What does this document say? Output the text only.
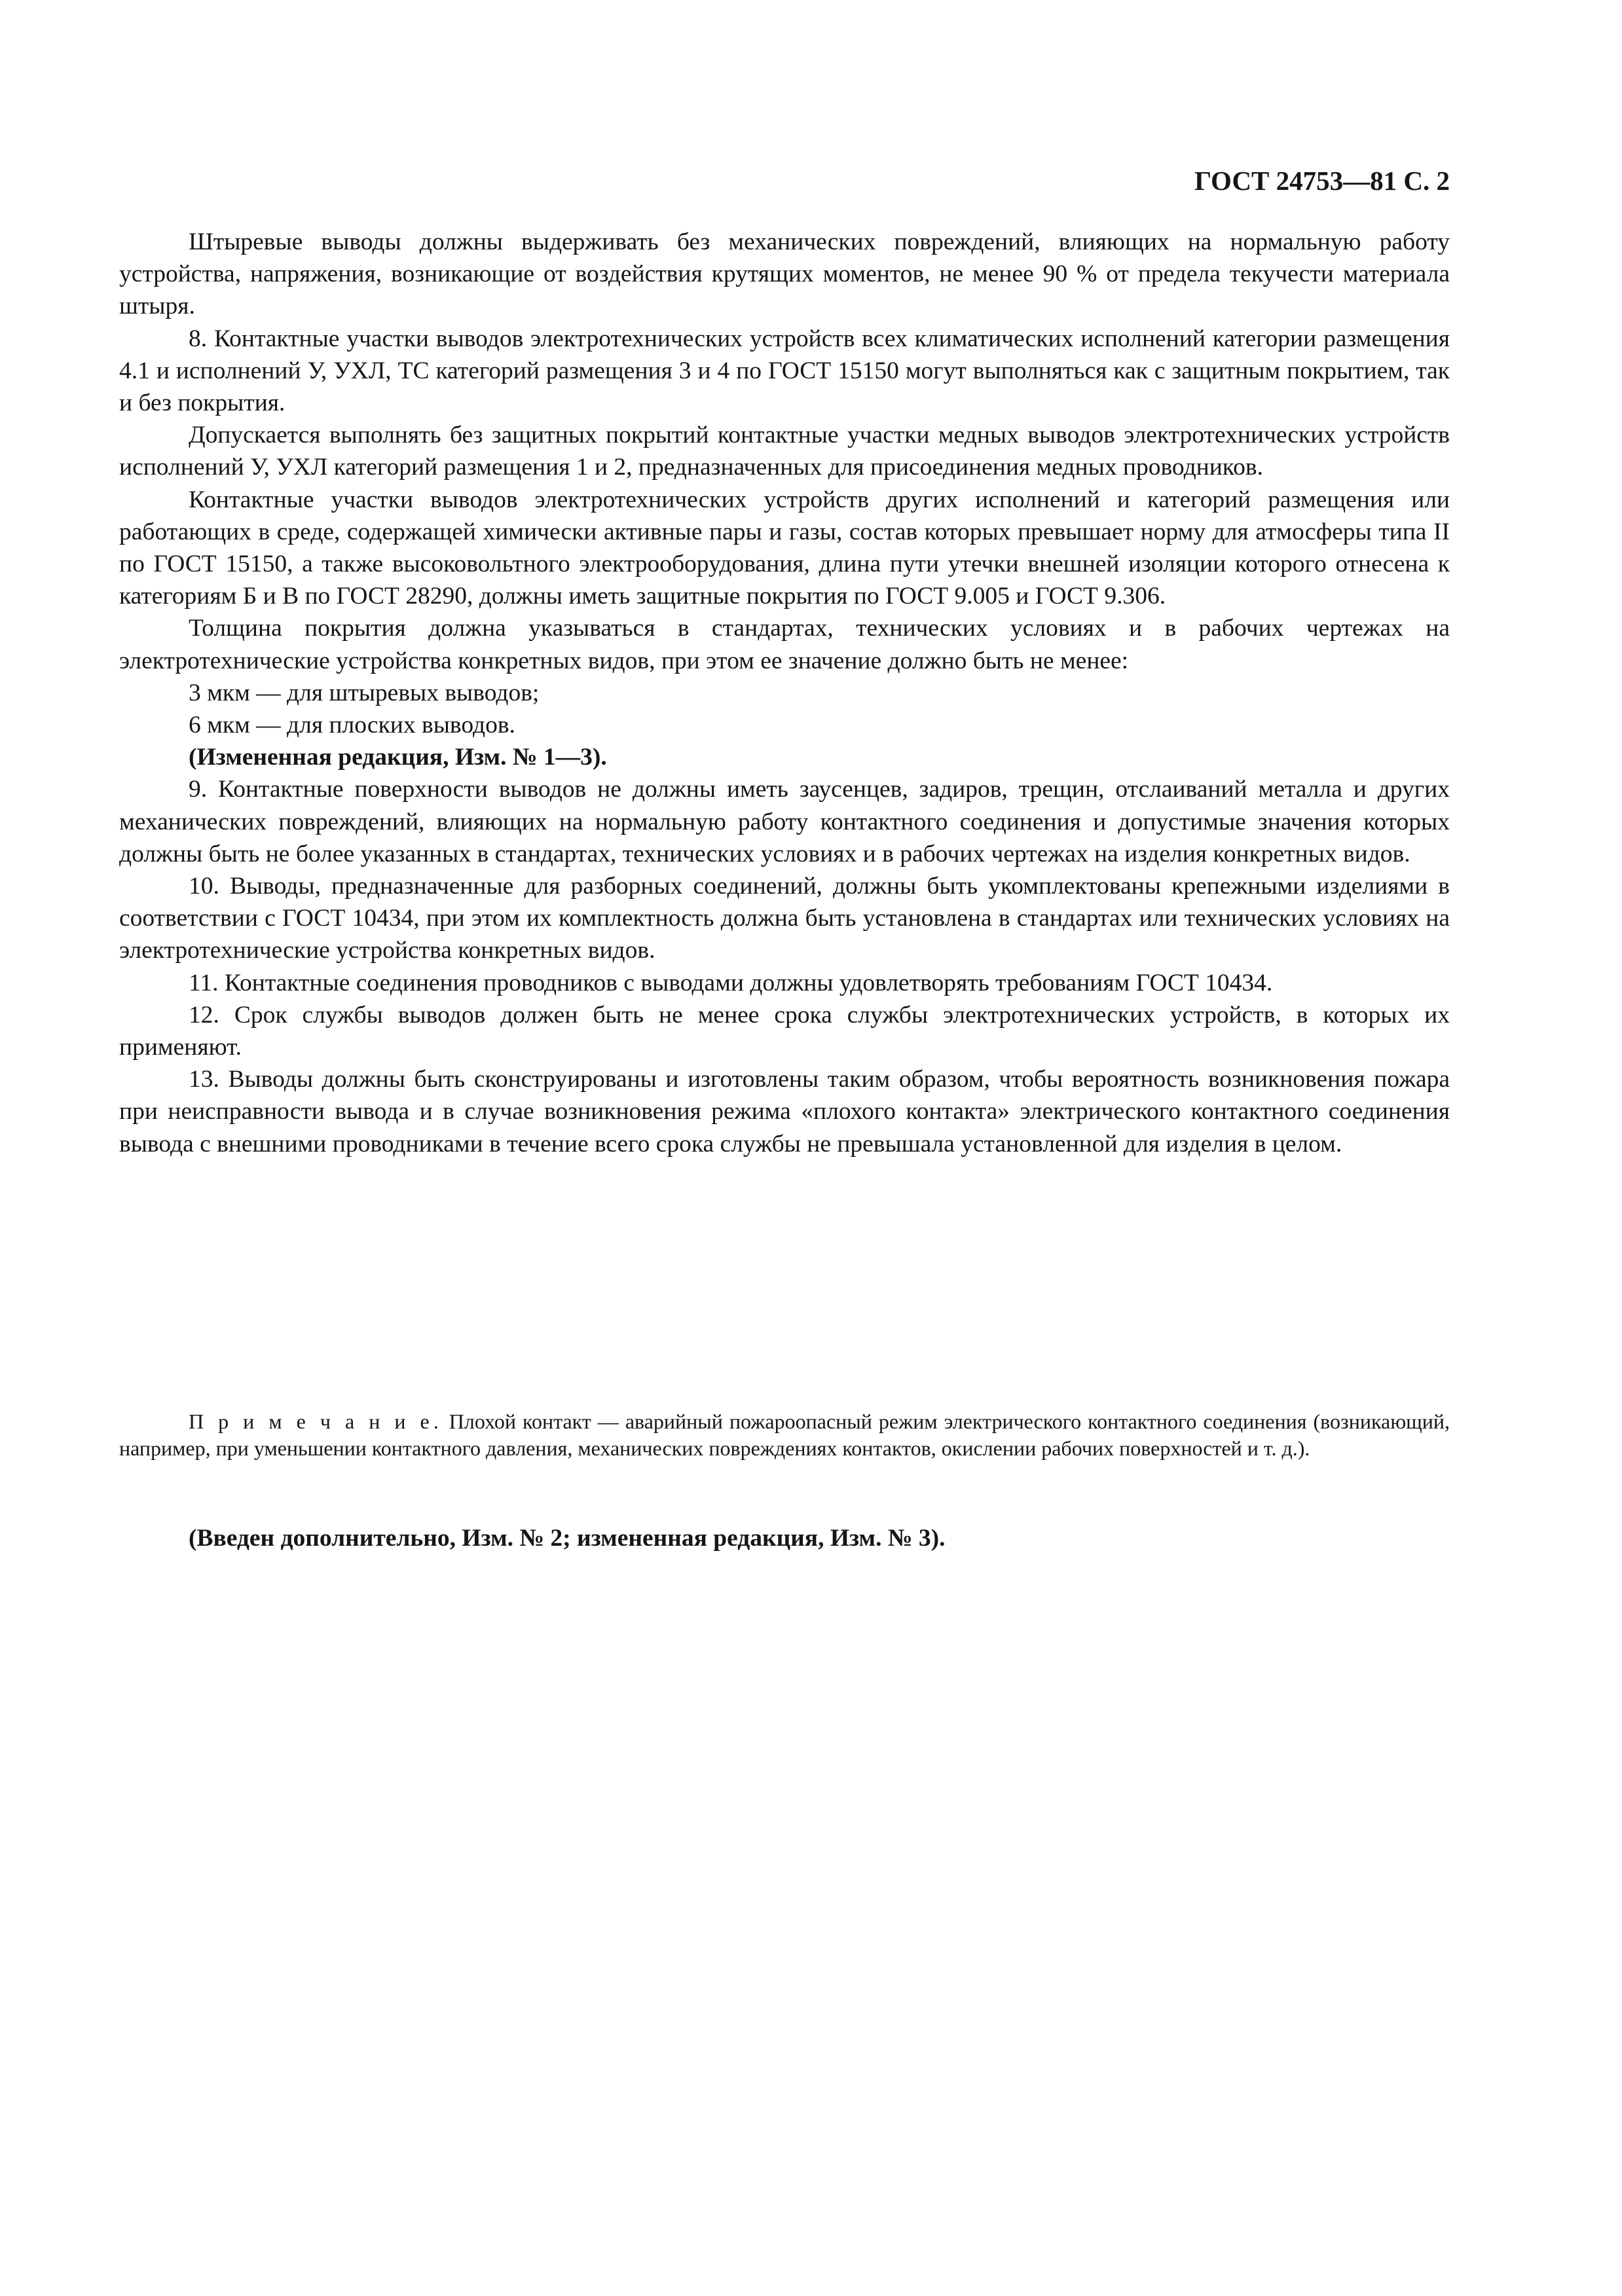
ГОСТ 24753—81 С. 2

Штыревые выводы должны выдерживать без механических повреждений, влияющих на нормальную работу устройства, напряжения, возникающие от воздействия крутящих моментов, не менее 90 % от предела текучести материала штыря.

8. Контактные участки выводов электротехнических устройств всех климатических исполнений категории размещения 4.1 и исполнений У, УХЛ, ТС категорий размещения 3 и 4 по ГОСТ 15150 могут выполняться как с защитным покрытием, так и без покрытия.

Допускается выполнять без защитных покрытий контактные участки медных выводов электротехнических устройств исполнений У, УХЛ категорий размещения 1 и 2, предназначенных для присоединения медных проводников.

Контактные участки выводов электротехнических устройств других исполнений и категорий размещения или работающих в среде, содержащей химически активные пары и газы, состав которых превышает норму для атмосферы типа II по ГОСТ 15150, а также высоковольтного электрооборудования, длина пути утечки внешней изоляции которого отнесена к категориям Б и В по ГОСТ 28290, должны иметь защитные покрытия по ГОСТ 9.005 и ГОСТ 9.306.

Толщина покрытия должна указываться в стандартах, технических условиях и в рабочих чертежах на электротехнические устройства конкретных видов, при этом ее значение должно быть не менее:

3 мкм — для штыревых выводов;

6 мкм — для плоских выводов.

(Измененная редакция, Изм. № 1—3).

9. Контактные поверхности выводов не должны иметь заусенцев, задиров, трещин, отслаиваний металла и других механических повреждений, влияющих на нормальную работу контактного соединения и допустимые значения которых должны быть не более указанных в стандартах, технических условиях и в рабочих чертежах на изделия конкретных видов.

10. Выводы, предназначенные для разборных соединений, должны быть укомплектованы крепежными изделиями в соответствии с ГОСТ 10434, при этом их комплектность должна быть установлена в стандартах или технических условиях на электротехнические устройства конкретных видов.

11. Контактные соединения проводников с выводами должны удовлетворять требованиям ГОСТ 10434.

12. Срок службы выводов должен быть не менее срока службы электротехнических устройств, в которых их применяют.

13. Выводы должны быть сконструированы и изготовлены таким образом, чтобы вероятность возникновения пожара при неисправности вывода и в случае возникновения режима «плохого контакта» электрического контактного соединения вывода с внешними проводниками в течение всего срока службы не превышала установленной для изделия в целом.

П р и м е ч а н и е. Плохой контакт — аварийный пожароопасный режим электрического контактного соединения (возникающий, например, при уменьшении контактного давления, механических повреждениях контактов, окислении рабочих поверхностей и т. д.).
(Введен дополнительно, Изм. № 2; измененная редакция, Изм. № 3).
